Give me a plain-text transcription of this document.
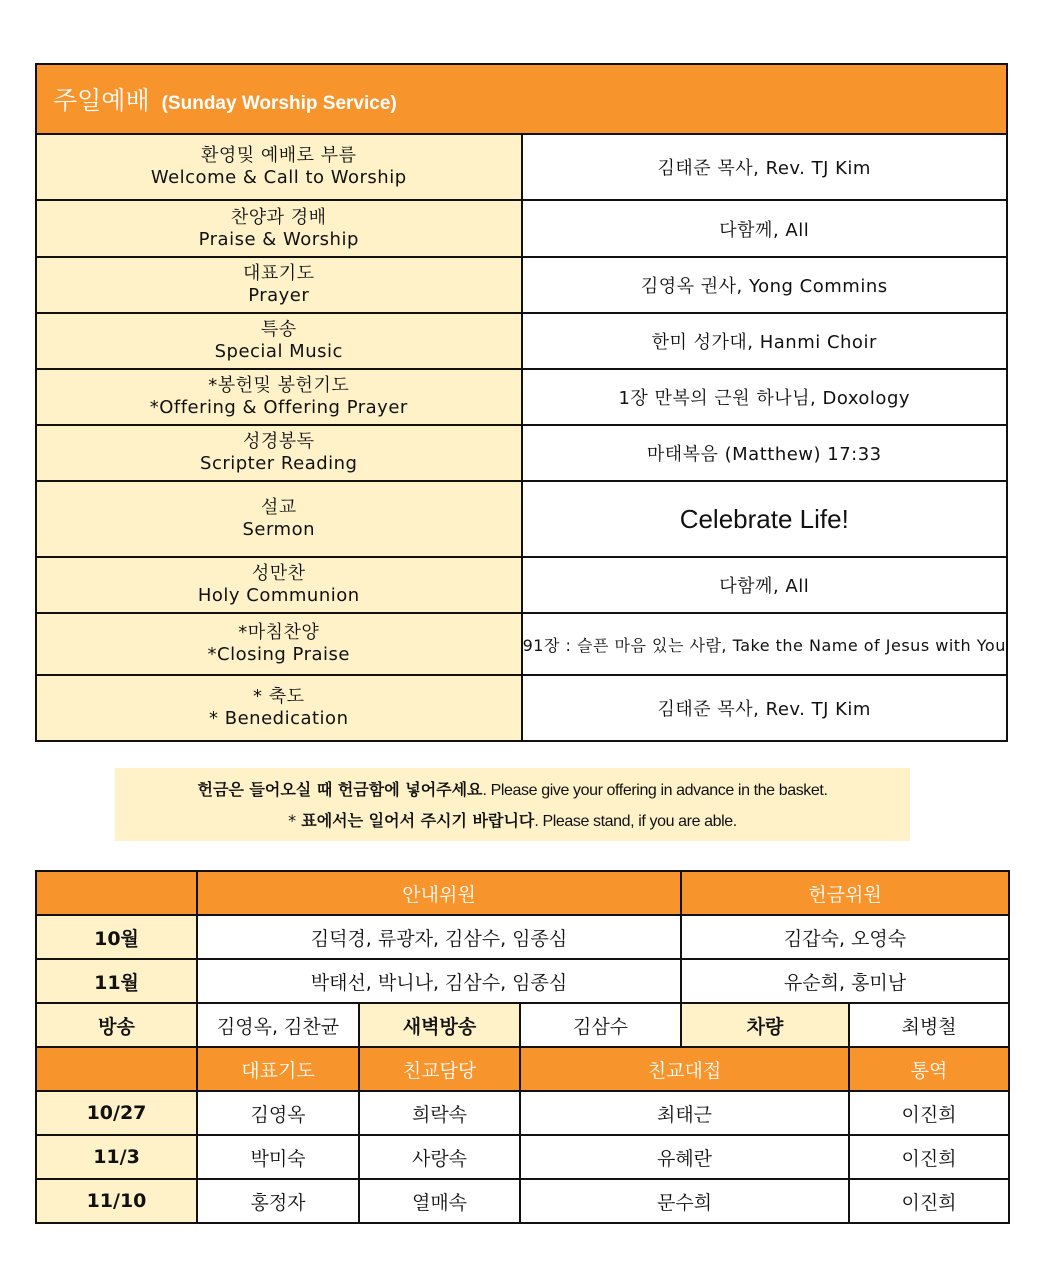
주일예배 (Sunday Worship Service)	

환영및 예배로 부름
Welcome & Call to Worship	김태준 목사, Rev. TJ Kim

찬양과 경배
Praise & Worship	다함께, All

대표기도
Prayer	김영옥 권사, Yong Commins

특송
Special Music	한미 성가대, Hanmi Choir

*봉헌및 봉헌기도
*Offering & Offering Prayer	1장 만복의 근원 하나님, Doxology

성경봉독
Scripter Reading	마태복음 (Matthew) 17:33

설교
Sermon	Celebrate Life!

성만찬
Holy Communion	다함께, All

*마침찬양
*Closing Praise	91장 : 슬픈 마음 있는 사람, Take the Name of Jesus with You

* 축도
* Benedication	김태준 목사, Rev. TJ Kim
헌금은 들어오실 때 헌금함에 넣어주세요. Please give your offering in advance in the basket.
* 표에서는 일어서 주시기 바랍니다. Please stand, if you are able.
	안내위원			헌금위원	
10월	김덕경, 류광자, 김삼수, 임종심			김갑숙, 오영숙	
11월	박태선, 박니나, 김삼수, 임종심			유순희, 홍미남	
방송	김영옥, 김찬균	새벽방송	김삼수	차량	최병철
	대표기도	친교담당	친교대접		통역
10/27	김영옥	희락속	최태근		이진희
11/3	박미숙	사랑속	유혜란		이진희
11/10	홍정자	열매속	문수희		이진희
